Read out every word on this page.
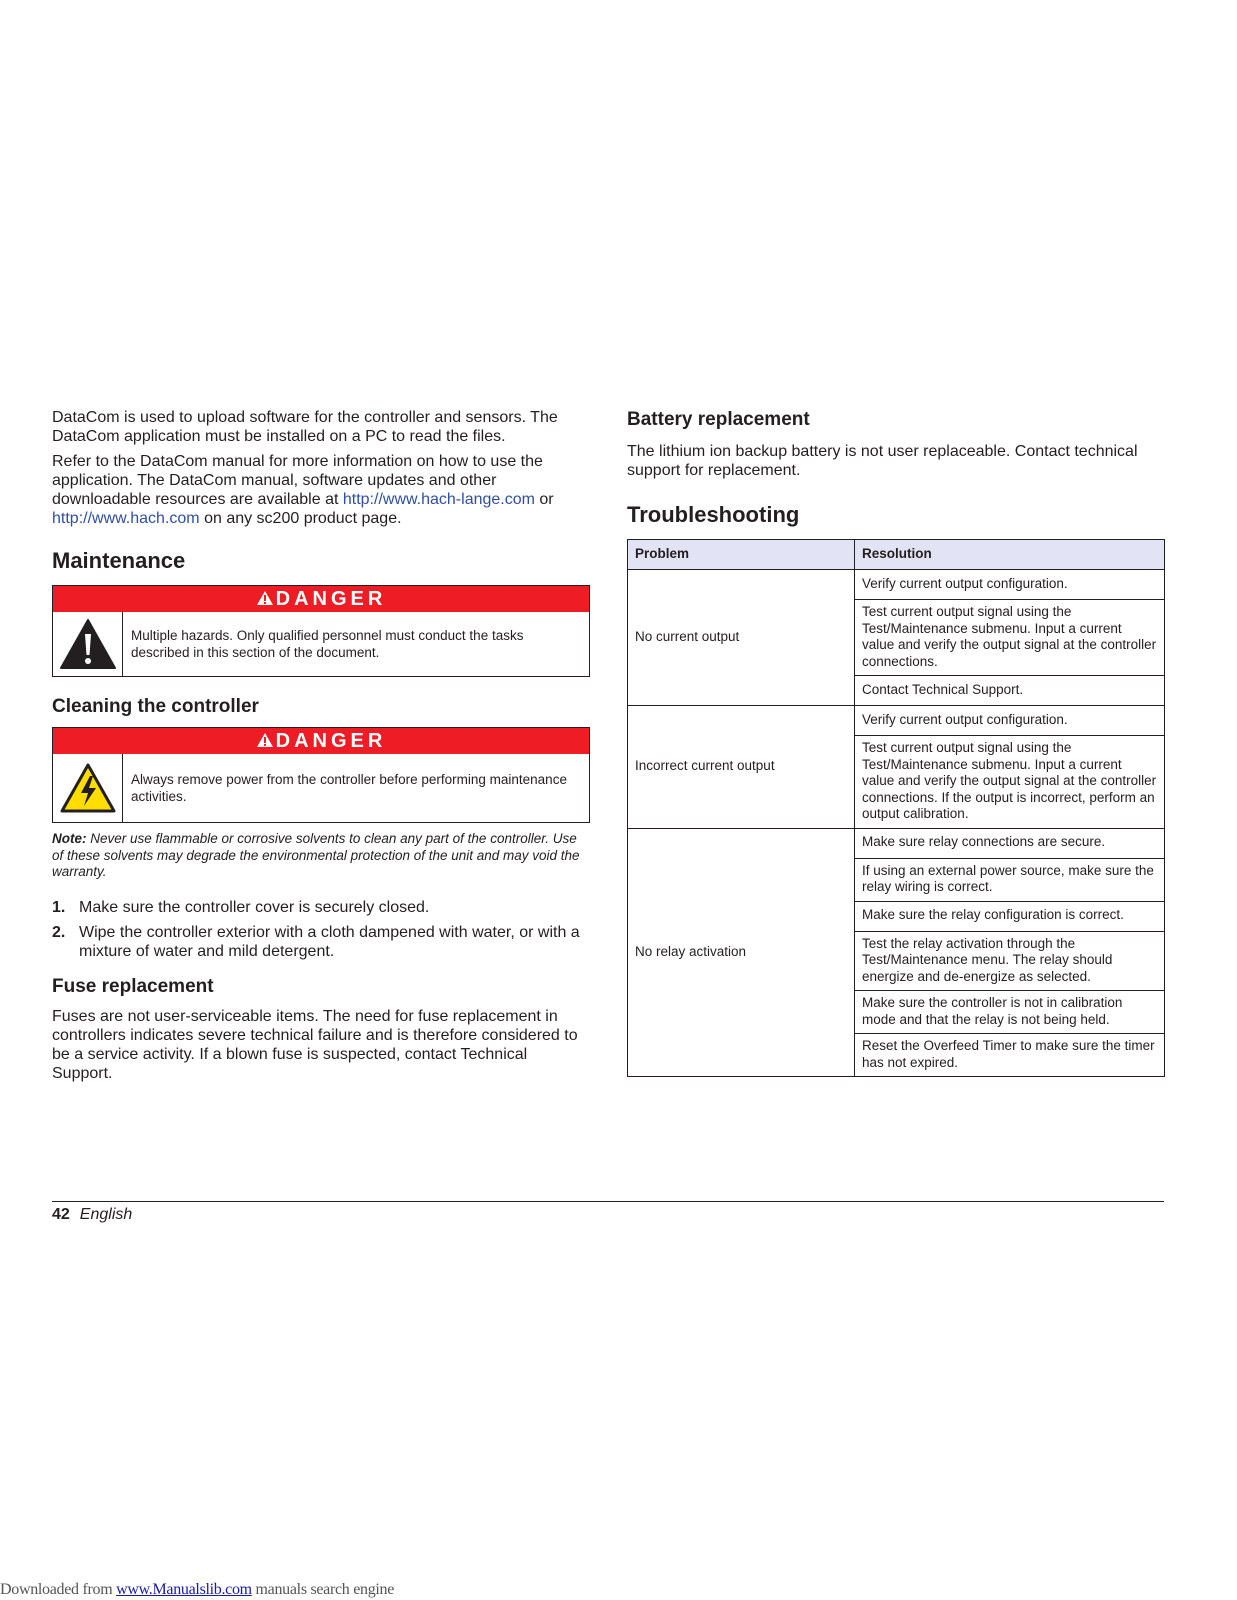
DataCom is used to upload software for the controller and sensors. The DataCom application must be installed on a PC to read the files.

Refer to the DataCom manual for more information on how to use the application. The DataCom manual, software updates and other downloadable resources are available at http://www.hach-lange.com or http://www.hach.com on any sc200 product page.

Maintenance
DANGER
Multiple hazards. Only qualified personnel must conduct the tasks described in this section of the document.
Cleaning the controller
DANGER
Always remove power from the controller before performing maintenance activities.

Note: Never use flammable or corrosive solvents to clean any part of the controller. Use of these solvents may degrade the environmental protection of the unit and may void the warranty.

1. Make sure the controller cover is securely closed.
2. Wipe the controller exterior with a cloth dampened with water, or with a mixture of water and mild detergent.
Fuse replacement

Fuses are not user-serviceable items. The need for fuse replacement in controllers indicates severe technical failure and is therefore considered to be a service activity. If a blown fuse is suspected, contact Technical Support.

Battery replacement

The lithium ion backup battery is not user replaceable. Contact technical support for replacement.

Troubleshooting
Problem	Resolution
No current output	Verify current output configuration.
	Test current output signal using the Test/Maintenance submenu. Input a current value and verify the output signal at the controller connections.
	Contact Technical Support.
Incorrect current output	Verify current output configuration.
	Test current output signal using the Test/Maintenance submenu. Input a current value and verify the output signal at the controller connections. If the output is incorrect, perform an output calibration.
No relay activation	Make sure relay connections are secure.
	If using an external power source, make sure the relay wiring is correct.
	Make sure the relay configuration is correct.
	Test the relay activation through the Test/Maintenance menu. The relay should energize and de-energize as selected.
	Make sure the controller is not in calibration mode and that the relay is not being held.
	Reset the Overfeed Timer to make sure the timer has not expired.
42 English
Downloaded from www.Manualslib.com manuals search engine
